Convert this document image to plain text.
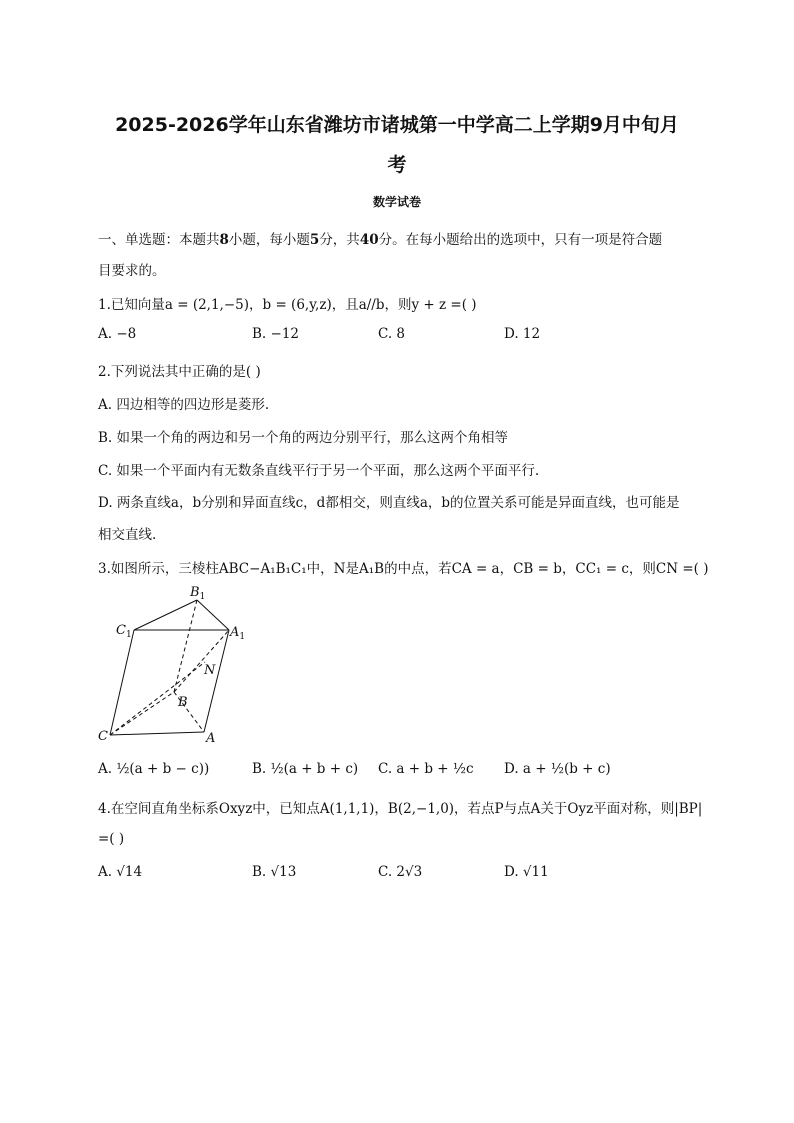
2025-2026学年山东省潍坊市诸城第一中学高二上学期9月中旬月
考
数学试卷
一、单选题：本题共8小题，每小题5分，共40分。在每小题给出的选项中，只有一项是符合题
目要求的。
1.已知向量a = (2,1,−5)，b = (6,y,z)，且a//b，则y + z =( )
A. −8	B. −12	C. 8	D. 12
2.下列说法其中正确的是( )
A. 四边相等的四边形是菱形.
B. 如果一个角的两边和另一个角的两边分别平行，那么这两个角相等
C. 如果一个平面内有无数条直线平行于另一个平面，那么这两个平面平行.
D. 两条直线a，b分别和异面直线c，d都相交，则直线a，b的位置关系可能是异面直线，也可能是
相交直线.
3.如图所示，三棱柱ABC−A₁B₁C₁中，N是A₁B的中点，若CA = a，CB = b，CC₁ = c，则CN =( )
$B_1$
$C_1$	$A_1$
N
B
C	A
A. ½(a + b − c))	B. ½(a + b + c) C. a + b + ½c D. a + ½(b + c)
4.在空间直角坐标系Oxyz中，已知点A(1,1,1)，B(2,−1,0)，若点P与点A关于Oyz平面对称，则|BP|
=( )
A. √14	B. √13	C. 2√3	D. √11
